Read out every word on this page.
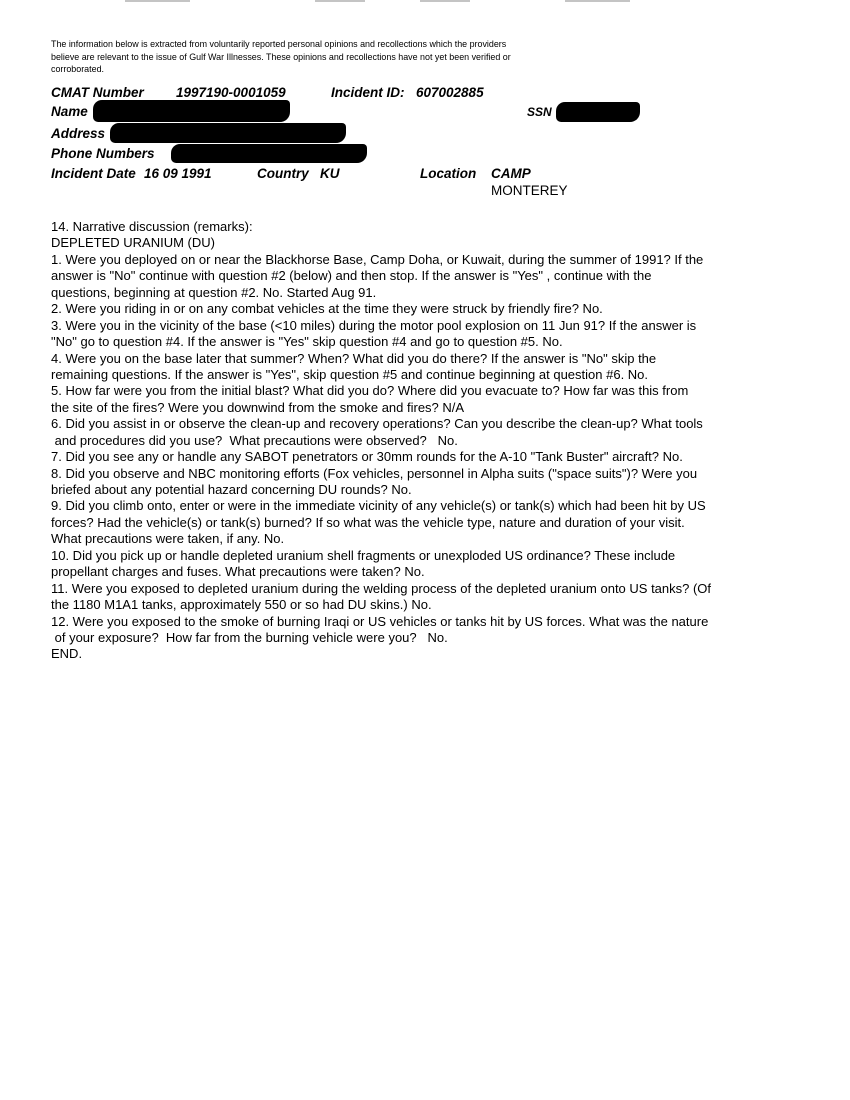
The information below is extracted from voluntarily reported personal opinions and recollections which the providers
believe are relevant to the issue of Gulf War Illnesses. These opinions and recollections have not yet been verified or
corroborated.
CMAT Number 1997190-0001059	Incident ID: 607002885
Name	SSN
Address
Phone Numbers
Incident Date 16 09 1991	Country KU	Location CAMP
MONTEREY
14. Narrative discussion (remarks):
DEPLETED URANIUM (DU)
1. Were you deployed on or near the Blackhorse Base, Camp Doha, or Kuwait, during the summer of 1991? If the
answer is "No" continue with question #2 (below) and then stop. If the answer is "Yes" , continue with the
questions, beginning at question #2. No. Started Aug 91.
2. Were you riding in or on any combat vehicles at the time they were struck by friendly fire? No.
3. Were you in the vicinity of the base (<10 miles) during the motor pool explosion on 11 Jun 91? If the answer is
"No" go to question #4. If the answer is "Yes" skip question #4 and go to question #5. No.
4. Were you on the base later that summer? When? What did you do there? If the answer is "No" skip the
remaining questions. If the answer is "Yes", skip question #5 and continue beginning at question #6. No.
5. How far were you from the initial blast? What did you do? Where did you evacuate to? How far was this from
the site of the fires? Were you downwind from the smoke and fires? N/A
6. Did you assist in or observe the clean-up and recovery operations? Can you describe the clean-up? What tools
and procedures did you use?  What precautions were observed?   No.
7. Did you see any or handle any SABOT penetrators or 30mm rounds for the A-10 "Tank Buster" aircraft? No.
8. Did you observe and NBC monitoring efforts (Fox vehicles, personnel in Alpha suits ("space suits")? Were you
briefed about any potential hazard concerning DU rounds? No.
9. Did you climb onto, enter or were in the immediate vicinity of any vehicle(s) or tank(s) which had been hit by US
forces? Had the vehicle(s) or tank(s) burned? If so what was the vehicle type, nature and duration of your visit.
What precautions were taken, if any. No.
10. Did you pick up or handle depleted uranium shell fragments or unexploded US ordinance? These include
propellant charges and fuses. What precautions were taken? No.
11. Were you exposed to depleted uranium during the welding process of the depleted uranium onto US tanks? (Of
the 1180 M1A1 tanks, approximately 550 or so had DU skins.) No.
12. Were you exposed to the smoke of burning Iraqi or US vehicles or tanks hit by US forces. What was the nature
of your exposure?  How far from the burning vehicle were you?   No.
END.
